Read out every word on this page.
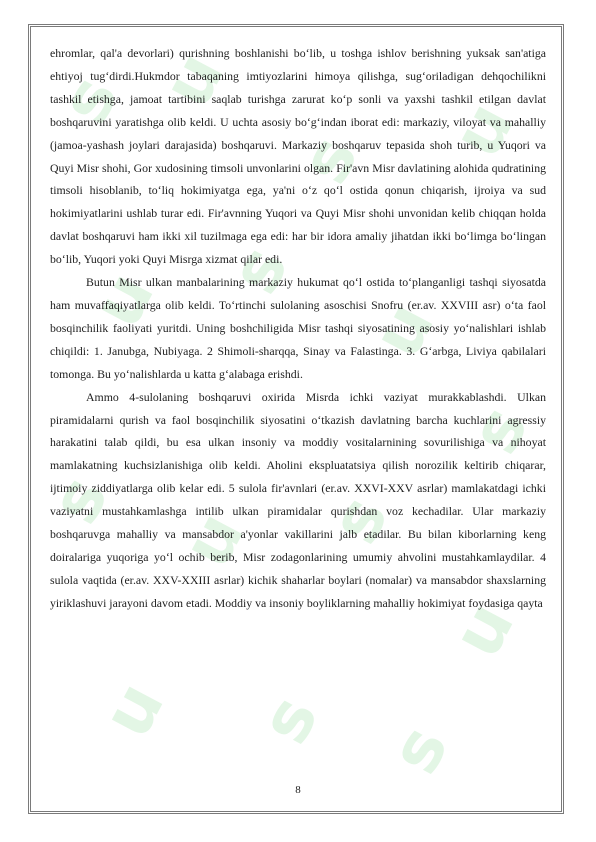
s u
s u
u s
u
s
s
u s
u
u s s

ehromlar, qal'a devorlari) qurishning boshlanishi bo‘lib, u toshga ishlov berishning yuksak san'atiga ehtiyoj tug‘dirdi.Hukmdor tabaqaning imtiyozlarini himoya qilishga, sug‘oriladigan dehqochilikni tashkil etishga, jamoat tartibini saqlab turishga zarurat ko‘p sonli va yaxshi tashkil etilgan davlat boshqaruvini yaratishga olib keldi. U uchta asosiy bo‘g‘indan iborat edi: markaziy, viloyat va mahalliy (jamoa-yashash joylari darajasida) boshqaruvi. Markaziy boshqaruv tepasida shoh turib, u Yuqori va Quyi Misr shohi, Gor xudosining timsoli unvonlarini olgan. Fir'avn Misr davlatining alohida qudratining timsoli hisoblanib, to‘liq hokimiyatga ega, ya'ni o‘z qo‘l ostida qonun chiqarish, ijroiya va sud hokimiyatlarini ushlab turar edi. Fir'avnning Yuqori va Quyi Misr shohi unvonidan kelib chiqqan holda davlat boshqaruvi ham ikki xil tuzilmaga ega edi: har bir idora amaliy jihatdan ikki bo‘limga bo‘lingan bo‘lib, Yuqori yoki Quyi Misrga xizmat qilar edi.

Butun Misr ulkan manbalarining markaziy hukumat qo‘l ostida to‘planganligi tashqi siyosatda ham muvaffaqiyatlarga olib keldi. To‘rtinchi sulolaning asoschisi Snofru (er.av. XXVIII asr) o‘ta faol bosqinchilik faoliyati yuritdi. Uning boshchiligida Misr tashqi siyosatining asosiy yo‘nalishlari ishlab chiqildi: 1. Janubga, Nubiyaga. 2 Shimoli-sharqqa, Sinay va Falastinga. 3. G‘arbga, Liviya qabilalari tomonga. Bu yo‘nalishlarda u katta g‘alabaga erishdi.

Ammo 4-sulolaning boshqaruvi oxirida Misrda ichki vaziyat murakkablashdi. Ulkan piramidalarni qurish va faol bosqinchilik siyosatini o‘tkazish davlatning barcha kuchlarini agressiy harakatini talab qildi, bu esa ulkan insoniy va moddiy vositalarnining sovurilishiga va nihoyat mamlakatning kuchsizlanishiga olib keldi. Aholini ekspluatatsiya qilish norozilik keltirib chiqarar, ijtimoiy ziddiyatlarga olib kelar edi. 5 sulola fir'avnlari (er.av. XXVI-XXV asrlar) mamlakatdagi ichki vaziyatni mustahkamlashga intilib ulkan piramidalar qurishdan voz kechadilar. Ular markaziy boshqaruvga mahalliy va mansabdor a'yonlar vakillarini jalb etadilar. Bu bilan kiborlarning keng doiralariga yuqoriga yo‘l ochib berib, Misr zodagonlarining umumiy ahvolini mustahkamlaydilar. 4 sulola vaqtida (er.av. XXV-XXIII asrlar) kichik shaharlar boylari (nomalar) va mansabdor shaxslarning yiriklashuvi jarayoni davom etadi. Moddiy va insoniy boyliklarning mahalliy hokimiyat foydasiga qayta

8
